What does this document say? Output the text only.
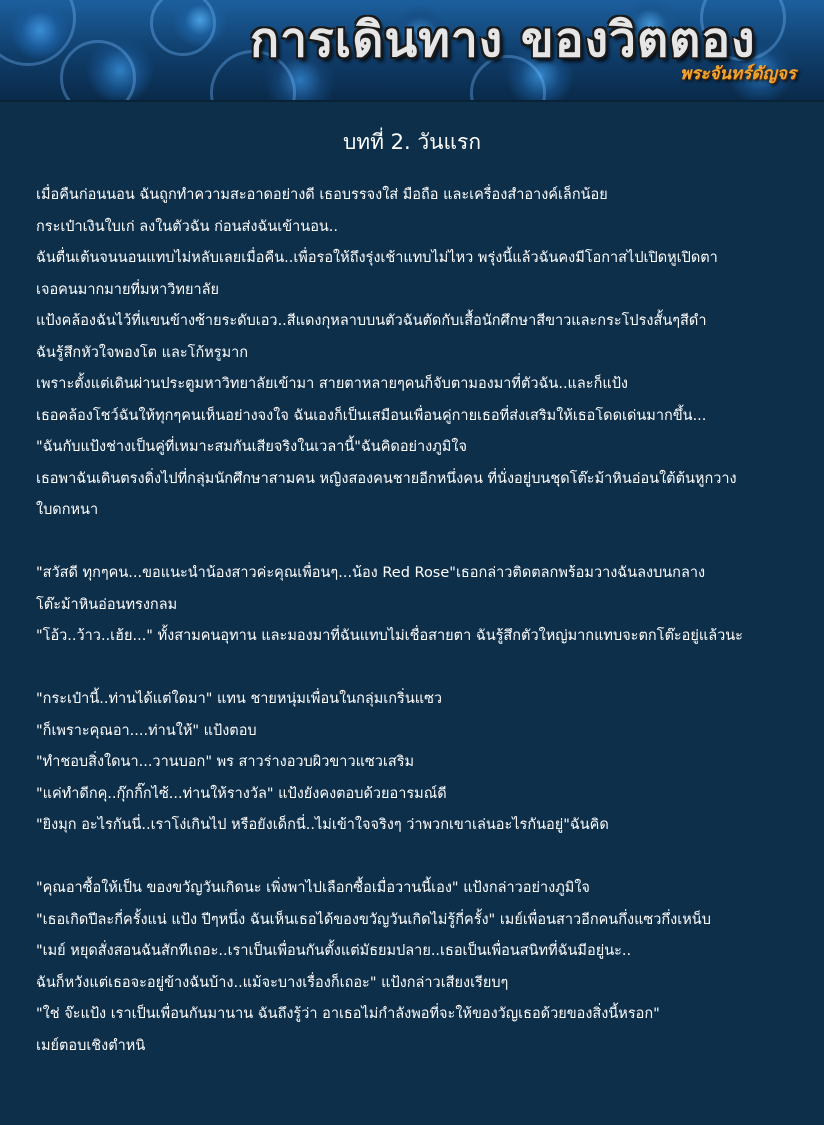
การเดินทาง ของวิตตอง
พระจันทร์ดัญจร
บทที่ 2. วันแรก
เมื่อคืนก่อนนอน ฉันถูกทำความสะอาดอย่างดี เธอบรรจงใส่ มือถือ และเครื่องสำอางค์เล็กน้อย
กระเป๋าเงินใบเก่ ลงในตัวฉัน ก่อนส่งฉันเข้านอน..
ฉันตื่นเต้นจนนอนแทบไม่หลับเลยเมื่อคืน..เพื่อรอให้ถึงรุ่งเช้าแทบไม่ไหว พรุ่งนี้แล้วฉันคงมีโอกาสไปเปิดหูเปิดตา
เจอคนมากมายที่มหาวิทยาลัย
แป้งคล้องฉันไว้ที่แขนข้างซ้ายระดับเอว..สีแดงกุหลาบบนตัวฉันตัดกับเสื้อนักศึกษาสีขาวและกระโปรงสั้นๆสีดำ
ฉันรู้สึกหัวใจพองโต และโก้หรูมาก
เพราะตั้งแต่เดินผ่านประตูมหาวิทยาลัยเข้ามา สายตาหลายๆคนก็จับตามองมาที่ตัวฉัน..และก็แป้ง
เธอคล้องโชว์ฉันให้ทุกๆคนเห็นอย่างจงใจ ฉันเองก็เป็นเสมือนเพื่อนคู่กายเธอที่ส่งเสริมให้เธอโดดเด่นมากขึ้น...
"ฉันกับแป้งช่างเป็นคู่ที่เหมาะสมกันเสียจริงในเวลานี้"ฉันคิดอย่างภูมิใจ
เธอพาฉันเดินตรงดิ่งไปที่กลุ่มนักศึกษาสามคน หญิงสองคนชายอีกหนึ่งคน ที่นั่งอยู่บนชุดโต๊ะม้าหินอ่อนใต้ต้นหูกวาง
ใบดกหนา
"สวัสดี ทุกๆคน...ขอแนะนำน้องสาวค่ะคุณเพื่อนๆ...น้อง Red Rose"เธอกล่าวติดตลกพร้อมวางฉันลงบนกลาง
โต๊ะม้าหินอ่อนทรงกลม
"โอ้ว..ว้าว..เฮ้ย..." ทั้งสามคนอุทาน และมองมาที่ฉันแทบไม่เชื่อสายตา ฉันรู้สึกตัวใหญ่มากแทบจะตกโต๊ะอยู่แล้วนะ
"กระเป๋านี้..ท่านได้แต่ใดมา" แทน ชายหนุ่มเพื่อนในกลุ่มเกริ่นแซว
"ก็เพราะคุณอา....ท่านให้" แป้งตอบ
"ทำชอบสิ่งใดนา...วานบอก" พร สาวร่างอวบผิวขาวแซวเสริม
"แค่ทำดีกคุ..กุ๊กกิ๊กไซ้...ท่านให้รางวัล" แป้งยังคงตอบด้วยอารมณ์ดี
"ยิงมุก อะไรกันนี่..เราโง่เกินไป หรือยังเด็กนี่..ไม่เข้าใจจริงๆ ว่าพวกเขาเล่นอะไรกันอยู่"ฉันคิด
"คุณอาซื้อให้เป็น ของขวัญวันเกิดนะ เพิ่งพาไปเลือกซื้อเมื่อวานนี้เอง" แป้งกล่าวอย่างภูมิใจ
"เธอเกิดปีละกี่ครั้งแน่ แป้ง ปีๆหนึ่ง ฉันเห็นเธอได้ของขวัญวันเกิดไม่รู้กี่ครั้ง" เมย์เพื่อนสาวอีกคนกึ่งแซวกึ่งเหน็บ
"เมย์ หยุดสั่งสอนฉันสักทีเถอะ..เราเป็นเพื่อนกันตั้งแต่มัธยมปลาย..เธอเป็นเพื่อนสนิทที่ฉันมีอยู่นะ..
ฉันก็หวังแต่เธอจะอยู่ข้างฉันบ้าง..แม้จะบางเรื่องก็เถอะ" แป้งกล่าวเสียงเรียบๆ
"ใช่ จ๊ะแป้ง เราเป็นเพื่อนกันมานาน ฉันถึงรู้ว่า อาเธอไม่กำลังพอที่จะให้ของวัญเธอด้วยของสิ่งนี้หรอก"
เมย์ตอบเชิงตำหนิ
